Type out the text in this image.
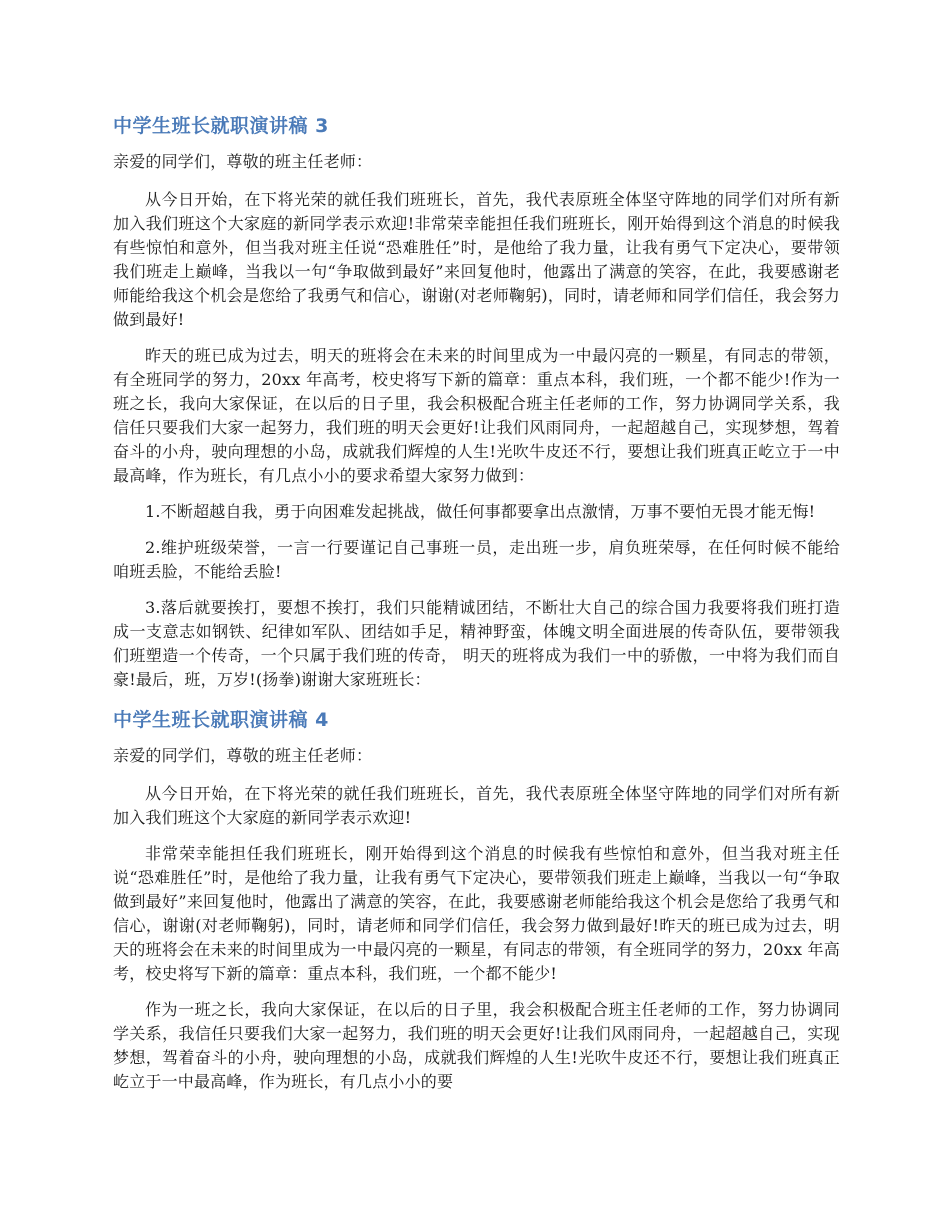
中学生班长就职演讲稿 3

亲爱的同学们，尊敬的班主任老师：

从今日开始，在下将光荣的就任我们班班长，首先，我代表原班全体坚守阵地的同学们对所有新加入我们班这个大家庭的新同学表示欢迎!非常荣幸能担任我们班班长，刚开始得到这个消息的时候我有些惊怕和意外，但当我对班主任说“恐难胜任”时，是他给了我力量，让我有勇气下定决心，要带领我们班走上巅峰，当我以一句“争取做到最好”来回复他时，他露出了满意的笑容，在此，我要感谢老师能给我这个机会是您给了我勇气和信心，谢谢(对老师鞠躬)，同时，请老师和同学们信任，我会努力做到最好!

昨天的班已成为过去，明天的班将会在未来的时间里成为一中最闪亮的一颗星，有同志的带领，有全班同学的努力，20xx 年高考，校史将写下新的篇章：重点本科，我们班，一个都不能少!作为一班之长，我向大家保证，在以后的日子里，我会积极配合班主任老师的工作，努力协调同学关系，我信任只要我们大家一起努力，我们班的明天会更好!让我们风雨同舟，一起超越自己，实现梦想，驾着奋斗的小舟，驶向理想的小岛，成就我们辉煌的人生!光吹牛皮还不行，要想让我们班真正屹立于一中最高峰，作为班长，有几点小小的要求希望大家努力做到：

1.不断超越自我，勇于向困难发起挑战，做任何事都要拿出点激情，万事不要怕无畏才能无悔!

2.维护班级荣誉，一言一行要谨记自己事班一员，走出班一步，肩负班荣辱，在任何时候不能给咱班丢脸，不能给丢脸!

3.落后就要挨打，要想不挨打，我们只能精诚团结，不断壮大自己的综合国力我要将我们班打造成一支意志如钢铁、纪律如军队、团结如手足，精神野蛮，体魄文明全面进展的传奇队伍，要带领我们班塑造一个传奇，一个只属于我们班的传奇， 明天的班将成为我们一中的骄傲，一中将为我们而自豪!最后，班，万岁!(扬拳)谢谢大家班班长：

中学生班长就职演讲稿 4

亲爱的同学们，尊敬的班主任老师：

从今日开始，在下将光荣的就任我们班班长，首先，我代表原班全体坚守阵地的同学们对所有新加入我们班这个大家庭的新同学表示欢迎!

非常荣幸能担任我们班班长，刚开始得到这个消息的时候我有些惊怕和意外，但当我对班主任说“恐难胜任”时，是他给了我力量，让我有勇气下定决心，要带领我们班走上巅峰，当我以一句“争取做到最好”来回复他时，他露出了满意的笑容，在此，我要感谢老师能给我这个机会是您给了我勇气和信心，谢谢(对老师鞠躬)，同时，请老师和同学们信任，我会努力做到最好!昨天的班已成为过去，明天的班将会在未来的时间里成为一中最闪亮的一颗星，有同志的带领，有全班同学的努力，20xx 年高考，校史将写下新的篇章：重点本科，我们班，一个都不能少!

作为一班之长，我向大家保证，在以后的日子里，我会积极配合班主任老师的工作，努力协调同学关系，我信任只要我们大家一起努力，我们班的明天会更好!让我们风雨同舟，一起超越自己，实现梦想，驾着奋斗的小舟，驶向理想的小岛，成就我们辉煌的人生!光吹牛皮还不行，要想让我们班真正屹立于一中最高峰，作为班长，有几点小小的要
